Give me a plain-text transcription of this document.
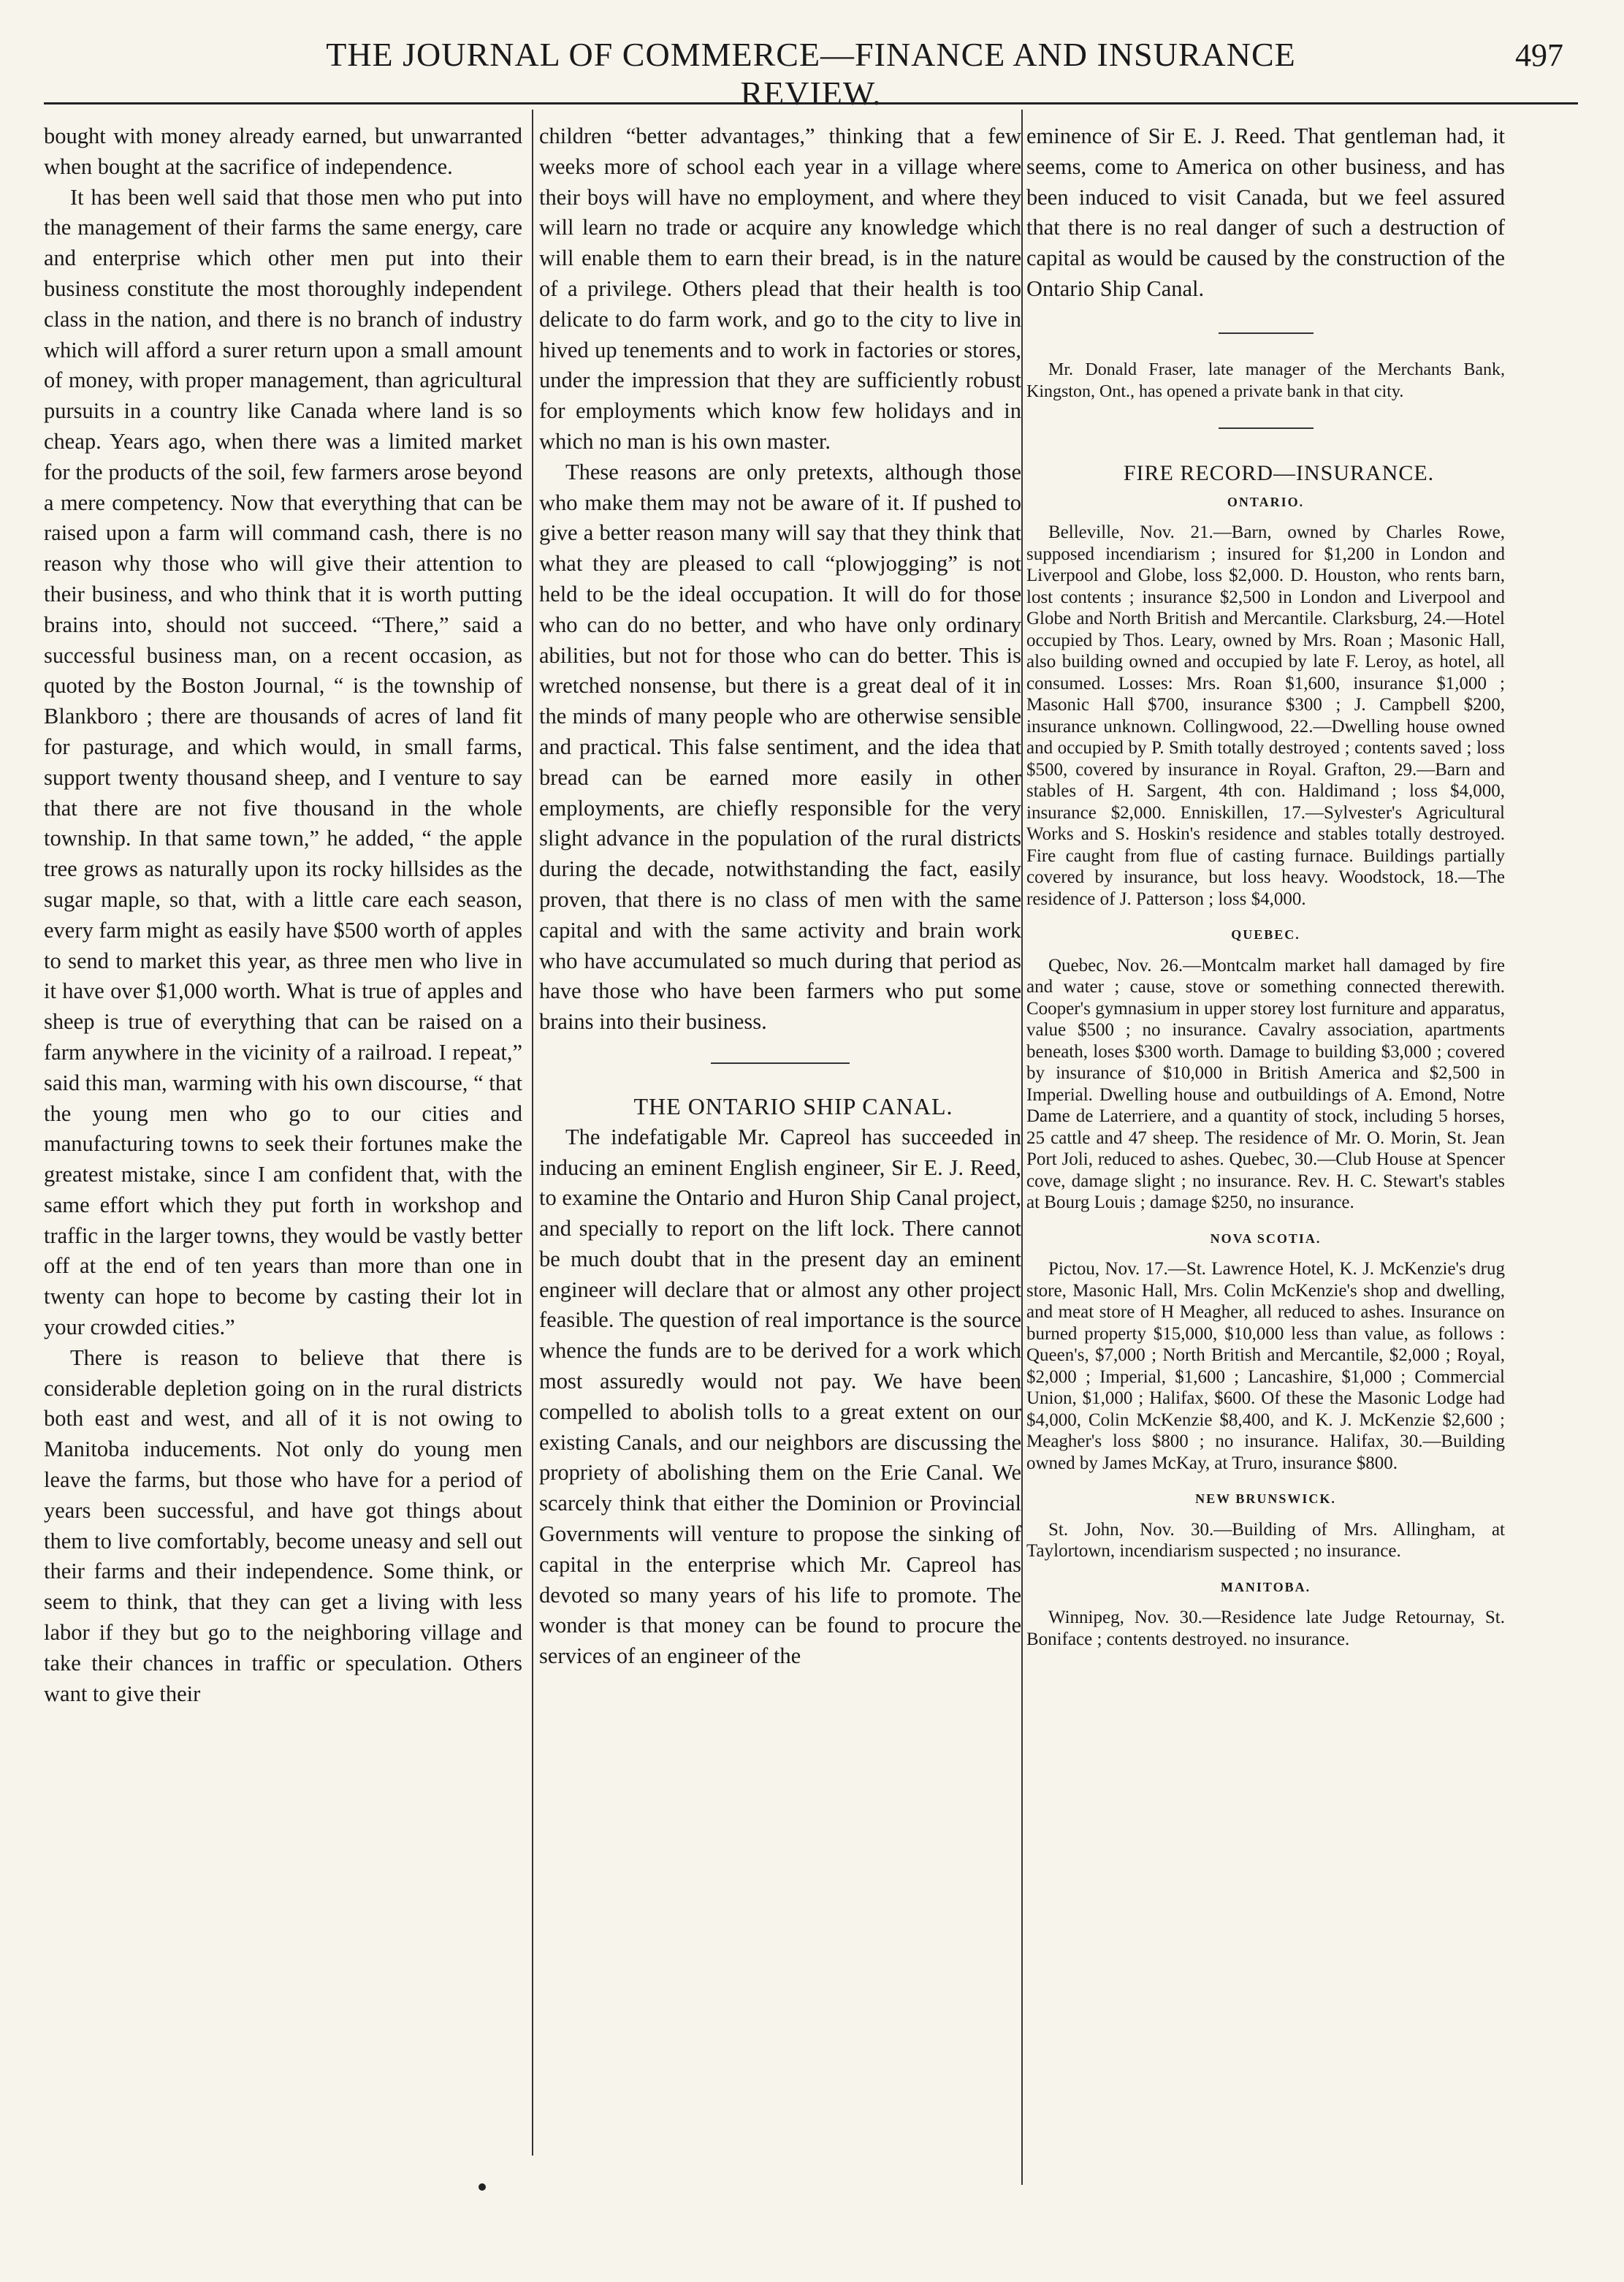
THE JOURNAL OF COMMERCE—FINANCE AND INSURANCE REVIEW.
497

bought with money already earned, but unwarranted when bought at the sacrifice of independence.

It has been well said that those men who put into the management of their farms the same energy, care and enterprise which other men put into their business constitute the most thoroughly independent class in the nation, and there is no branch of industry which will afford a surer return upon a small amount of money, with proper management, than agricultural pursuits in a country like Canada where land is so cheap. Years ago, when there was a limited market for the products of the soil, few farmers arose beyond a mere competency. Now that everything that can be raised upon a farm will command cash, there is no reason why those who will give their attention to their business, and who think that it is worth putting brains into, should not succeed. “There,” said a successful business man, on a recent occasion, as quoted by the Boston Journal, “ is the township of Blankboro ; there are thousands of acres of land fit for pasturage, and which would, in small farms, support twenty thousand sheep, and I venture to say that there are not five thousand in the whole township. In that same town,” he added, “ the apple tree grows as naturally upon its rocky hillsides as the sugar maple, so that, with a little care each season, every farm might as easily have $500 worth of apples to send to market this year, as three men who live in it have over $1,000 worth. What is true of apples and sheep is true of everything that can be raised on a farm anywhere in the vicinity of a railroad. I repeat,” said this man, warming with his own discourse, “ that the young men who go to our cities and manufacturing towns to seek their fortunes make the greatest mistake, since I am confident that, with the same effort which they put forth in workshop and traffic in the larger towns, they would be vastly better off at the end of ten years than more than one in twenty can hope to become by casting their lot in your crowded cities.”

There is reason to believe that there is considerable depletion going on in the rural districts both east and west, and all of it is not owing to Manitoba inducements. Not only do young men leave the farms, but those who have for a period of years been successful, and have got things about them to live comfortably, become uneasy and sell out their farms and their independence. Some think, or seem to think, that they can get a living with less labor if they but go to the neighboring village and take their chances in traffic or speculation. Others want to give their

children “better advantages,” thinking that a few weeks more of school each year in a village where their boys will have no employment, and where they will learn no trade or acquire any knowledge which will enable them to earn their bread, is in the nature of a privilege. Others plead that their health is too delicate to do farm work, and go to the city to live in hived up tenements and to work in factories or stores, under the impression that they are sufficiently robust for employments which know few holidays and in which no man is his own master.

These reasons are only pretexts, although those who make them may not be aware of it. If pushed to give a better reason many will say that they think that what they are pleased to call “plowjogging” is not held to be the ideal occupation. It will do for those who can do no better, and who have only ordinary abilities, but not for those who can do better. This is wretched nonsense, but there is a great deal of it in the minds of many people who are otherwise sensible and practical. This false sentiment, and the idea that bread can be earned more easily in other employments, are chiefly responsible for the very slight advance in the population of the rural districts during the decade, notwithstanding the fact, easily proven, that there is no class of men with the same capital and with the same activity and brain work who have accumulated so much during that period as have those who have been farmers who put some brains into their business.

THE ONTARIO SHIP CANAL.

The indefatigable Mr. Capreol has succeeded in inducing an eminent English engineer, Sir E. J. Reed, to examine the Ontario and Huron Ship Canal project, and specially to report on the lift lock. There cannot be much doubt that in the present day an eminent engineer will declare that or almost any other project feasible. The question of real importance is the source whence the funds are to be derived for a work which most assuredly would not pay. We have been compelled to abolish tolls to a great extent on our existing Canals, and our neighbors are discussing the propriety of abolishing them on the Erie Canal. We scarcely think that either the Dominion or Provincial Governments will venture to propose the sinking of capital in the enterprise which Mr. Capreol has devoted so many years of his life to promote. The wonder is that money can be found to procure the services of an engineer of the

eminence of Sir E. J. Reed. That gentleman had, it seems, come to America on other business, and has been induced to visit Canada, but we feel assured that there is no real danger of such a destruction of capital as would be caused by the construction of the Ontario Ship Canal.

Mr. Donald Fraser, late manager of the Merchants Bank, Kingston, Ont., has opened a private bank in that city.

FIRE RECORD—INSURANCE.

ONTARIO.

Belleville, Nov. 21.—Barn, owned by Charles Rowe, supposed incendiarism ; insured for $1,200 in London and Liverpool and Globe, loss $2,000. D. Houston, who rents barn, lost contents ; insurance $2,500 in London and Liverpool and Globe and North British and Mercantile. Clarksburg, 24.—Hotel occupied by Thos. Leary, owned by Mrs. Roan ; Masonic Hall, also building owned and occupied by late F. Leroy, as hotel, all consumed. Losses: Mrs. Roan $1,600, insurance $1,000 ; Masonic Hall $700, insurance $300 ; J. Campbell $200, insurance unknown. Collingwood, 22.—Dwelling house owned and occupied by P. Smith totally destroyed ; contents saved ; loss $500, covered by insurance in Royal. Grafton, 29.—Barn and stables of H. Sargent, 4th con. Haldimand ; loss $4,000, insurance $2,000. Enniskillen, 17.—Sylvester's Agricultural Works and S. Hoskin's residence and stables totally destroyed. Fire caught from flue of casting furnace. Buildings partially covered by insurance, but loss heavy. Woodstock, 18.—The residence of J. Patterson ; loss $4,000.

QUEBEC.

Quebec, Nov. 26.—Montcalm market hall damaged by fire and water ; cause, stove or something connected therewith. Cooper's gymnasium in upper storey lost furniture and apparatus, value $500 ; no insurance. Cavalry association, apartments beneath, loses $300 worth. Damage to building $3,000 ; covered by insurance of $10,000 in British America and $2,500 in Imperial. Dwelling house and outbuildings of A. Emond, Notre Dame de Laterriere, and a quantity of stock, including 5 horses, 25 cattle and 47 sheep. The residence of Mr. O. Morin, St. Jean Port Joli, reduced to ashes. Quebec, 30.—Club House at Spencer cove, damage slight ; no insurance. Rev. H. C. Stewart's stables at Bourg Louis ; damage $250, no insurance.

NOVA SCOTIA.

Pictou, Nov. 17.—St. Lawrence Hotel, K. J. McKenzie's drug store, Masonic Hall, Mrs. Colin McKenzie's shop and dwelling, and meat store of H Meagher, all reduced to ashes. Insurance on burned property $15,000, $10,000 less than value, as follows : Queen's, $7,000 ; North British and Mercantile, $2,000 ; Royal, $2,000 ; Imperial, $1,600 ; Lancashire, $1,000 ; Commercial Union, $1,000 ; Halifax, $600. Of these the Masonic Lodge had $4,000, Colin McKenzie $8,400, and K. J. McKenzie $2,600 ; Meagher's loss $800 ; no insurance. Halifax, 30.—Building owned by James McKay, at Truro, insurance $800.

NEW BRUNSWICK.

St. John, Nov. 30.—Building of Mrs. Allingham, at Taylortown, incendiarism suspected ; no insurance.

MANITOBA.

Winnipeg, Nov. 30.—Residence late Judge Retournay, St. Boniface ; contents destroyed. no insurance.
